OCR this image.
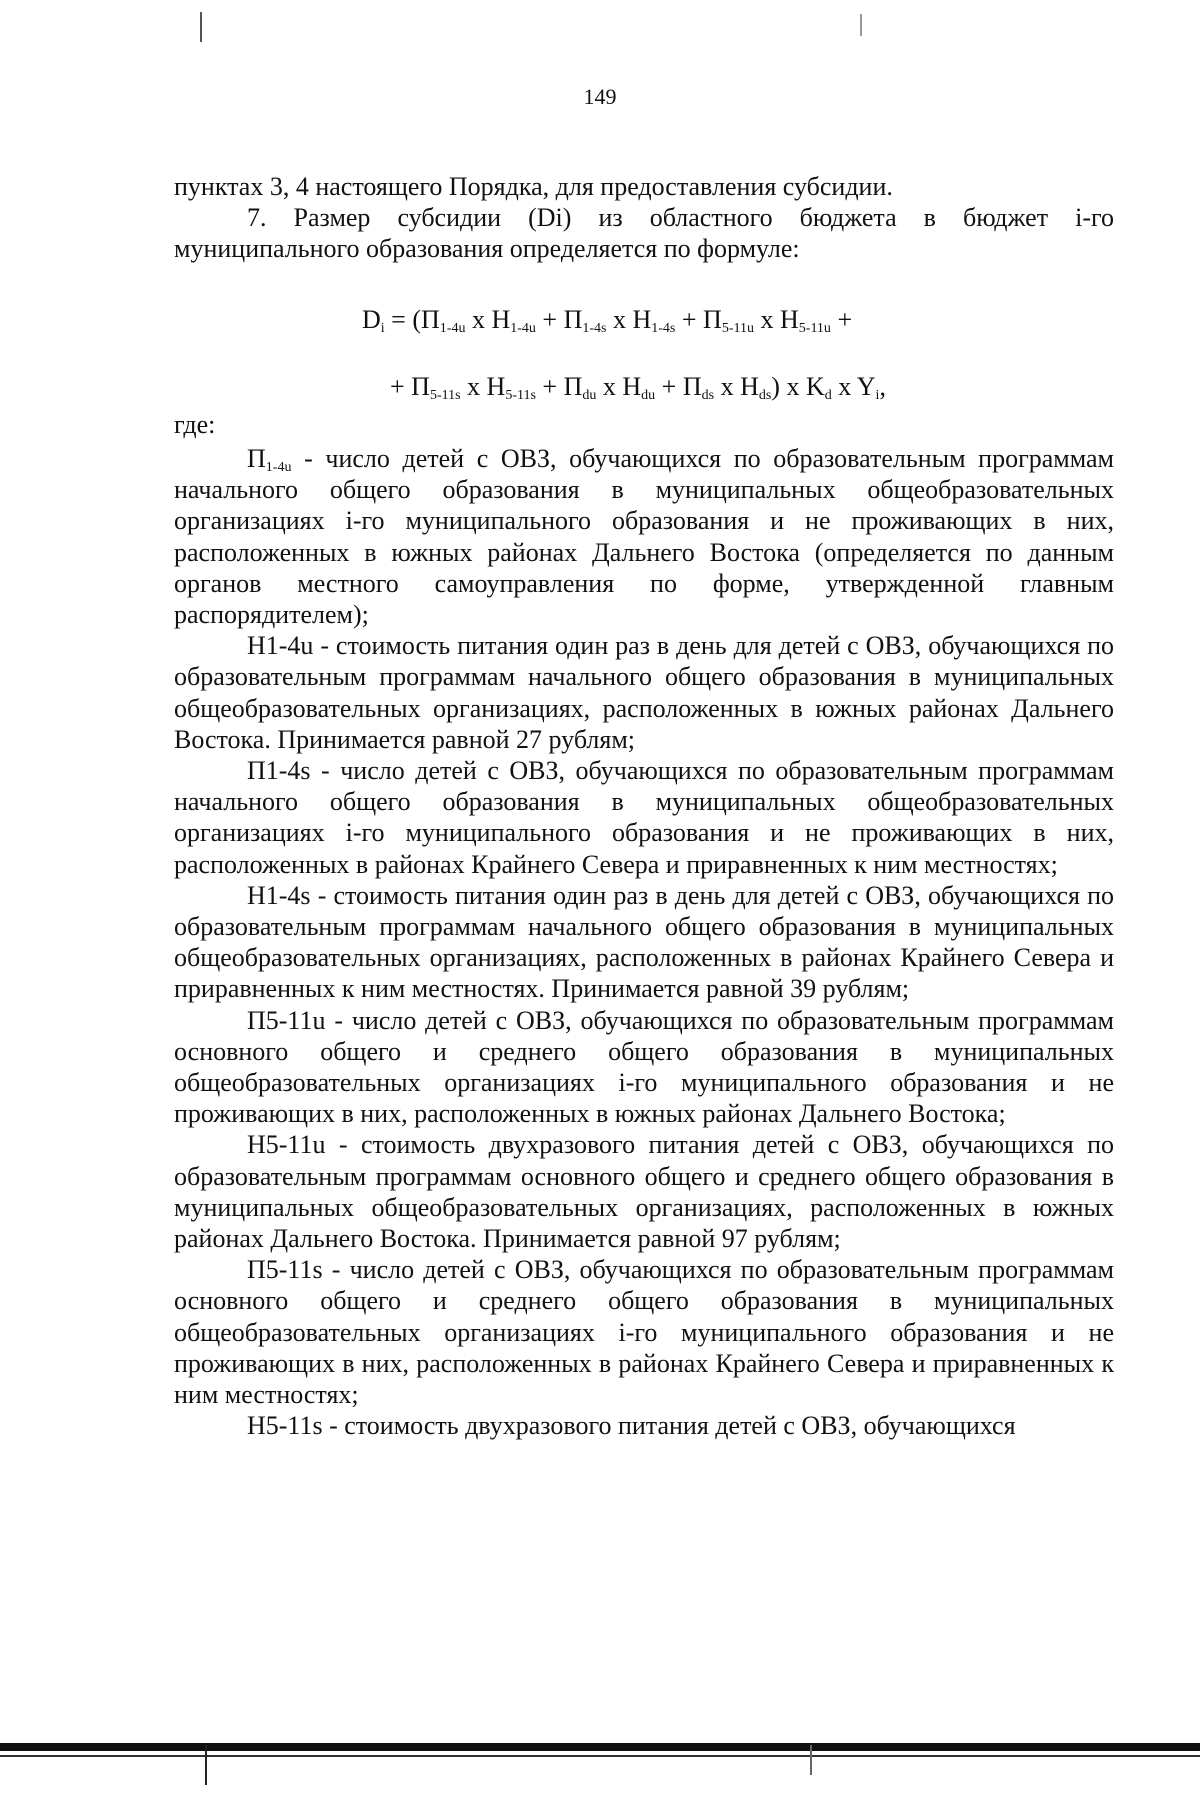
149

пунктах 3, 4 настоящего Порядка, для предоставления субсидии.

7. Размер субсидии (Di) из областного бюджета в бюджет i-го муниципального образования определяется по формуле:

$D_i = (П_{1-4u}$ x $H_{1-4u} + П_{1-4s}$ x $H_{1-4s} + П_{5-11u}$ x $H_{5-11u}$ +
+ $П_{5-11s}$ x $H_{5-11s} + П_{du}$ x $H_{du} + П_{ds}$ x $H_{ds}$) x $K_d$ x $Y_i$,
где:

$П_{1-4u}$ - число детей с ОВЗ, обучающихся по образовательным программам начального общего образования в муниципальных общеобразовательных организациях i-го муниципального образования и не проживающих в них, расположенных в южных районах Дальнего Востока (определяется по данным органов местного самоуправления по форме, утвержденной главным распорядителем);

Н1-4u - стоимость питания один раз в день для детей с ОВЗ, обучающихся по образовательным программам начального общего образования в муниципальных общеобразовательных организациях, расположенных в южных районах Дальнего Востока. Принимается равной 27 рублям;

П1-4s - число детей с ОВЗ, обучающихся по образовательным программам начального общего образования в муниципальных общеобразовательных организациях i-го муниципального образования и не проживающих в них, расположенных в районах Крайнего Севера и приравненных к ним местностях;

Н1-4s - стоимость питания один раз в день для детей с ОВЗ, обучающихся по образовательным программам начального общего образования в муниципальных общеобразовательных организациях, расположенных в районах Крайнего Севера и приравненных к ним местностях. Принимается равной 39 рублям;

П5-11u - число детей с ОВЗ, обучающихся по образовательным программам основного общего и среднего общего образования в муниципальных общеобразовательных организациях i-го муниципального образования и не проживающих в них, расположенных в южных районах Дальнего Востока;

Н5-11u - стоимость двухразового питания детей с ОВЗ, обучающихся по образовательным программам основного общего и среднего общего образования в муниципальных общеобразовательных организациях, расположенных в южных районах Дальнего Востока. Принимается равной 97 рублям;

П5-11s - число детей с ОВЗ, обучающихся по образовательным программам основного общего и среднего общего образования в муниципальных общеобразовательных организациях i-го муниципального образования и не проживающих в них, расположенных в районах Крайнего Севера и приравненных к ним местностях;

Н5-11s - стоимость двухразового питания детей с ОВЗ, обучающихся
